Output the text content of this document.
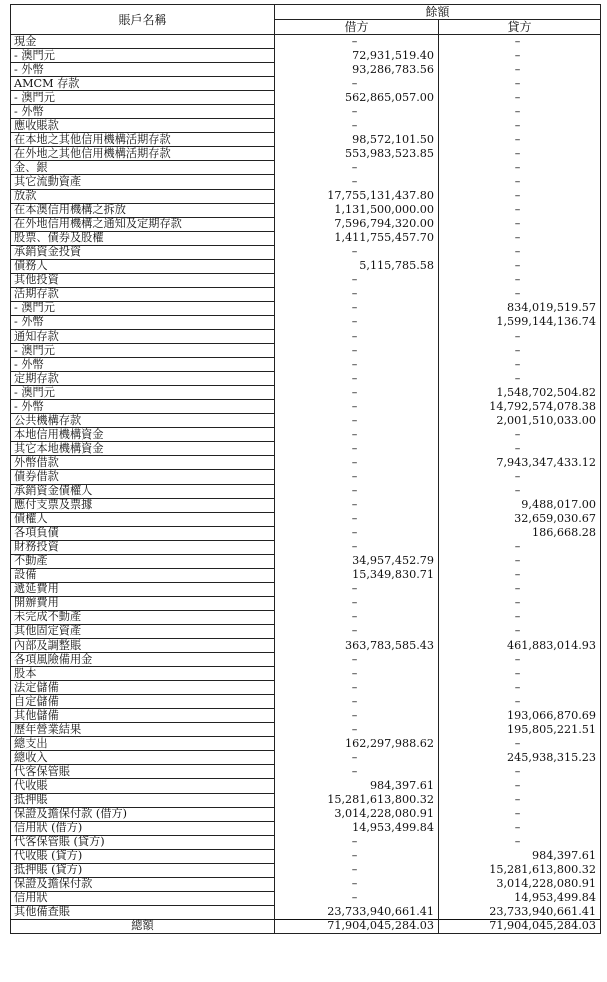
賬戶名稱	餘額	
	借方	貸方
現金	–	–
- 澳門元	72,931,519.40	–
- 外幣	93,286,783.56	–
AMCM 存款	–	–
- 澳門元	562,865,057.00	–
- 外幣	–	–
應收賬款	–	–
在本地之其他信用機構活期存款	98,572,101.50	–
在外地之其他信用機構活期存款	553,983,523.85	–
金、銀	–	–
其它流動資產	–	–
放款	17,755,131,437.80	–
在本澳信用機構之拆放	1,131,500,000.00	–
在外地信用機構之通知及定期存款	7,596,794,320.00	–
股票、債券及股權	1,411,755,457.70	–
承銷資金投資	–	–
債務人	5,115,785.58	–
其他投資	–	–
活期存款	–	–
- 澳門元	–	834,019,519.57
- 外幣	–	1,599,144,136.74
通知存款	–	–
- 澳門元	–	–
- 外幣	–	–
定期存款	–	–
- 澳門元	–	1,548,702,504.82
- 外幣	–	14,792,574,078.38
公共機構存款	–	2,001,510,033.00
本地信用機構資金	–	–
其它本地機構資金	–	–
外幣借款	–	7,943,347,433.12
債券借款	–	–
承銷資金債權人	–	–
應付支票及票據	–	9,488,017.00
債權人	–	32,659,030.67
各項負債	–	186,668.28
財務投資	–	–
不動產	34,957,452.79	–
設備	15,349,830.71	–
遞延費用	–	–
開辦費用	–	–
未完成不動產	–	–
其他固定資產	–	–
內部及調整賬	363,783,585.43	461,883,014.93
各項風險備用金	–	–
股本	–	–
法定儲備	–	–
自定儲備	–	–
其他儲備	–	193,066,870.69
歷年營業結果	–	195,805,221.51
總支出	162,297,988.62	–
總收入	–	245,938,315.23
代客保管賬	–	–
代收賬	984,397.61	–
抵押賬	15,281,613,800.32	–
保證及擔保付款 (借方)	3,014,228,080.91	–
信用狀 (借方)	14,953,499.84	–
代客保管賬 (貸方)	–	–
代收賬 (貸方)	–	984,397.61
抵押賬 (貸方)	–	15,281,613,800.32
保證及擔保付款	–	3,014,228,080.91
信用狀	–	14,953,499.84
其他備查賬	23,733,940,661.41	23,733,940,661.41
總額	71,904,045,284.03	71,904,045,284.03
